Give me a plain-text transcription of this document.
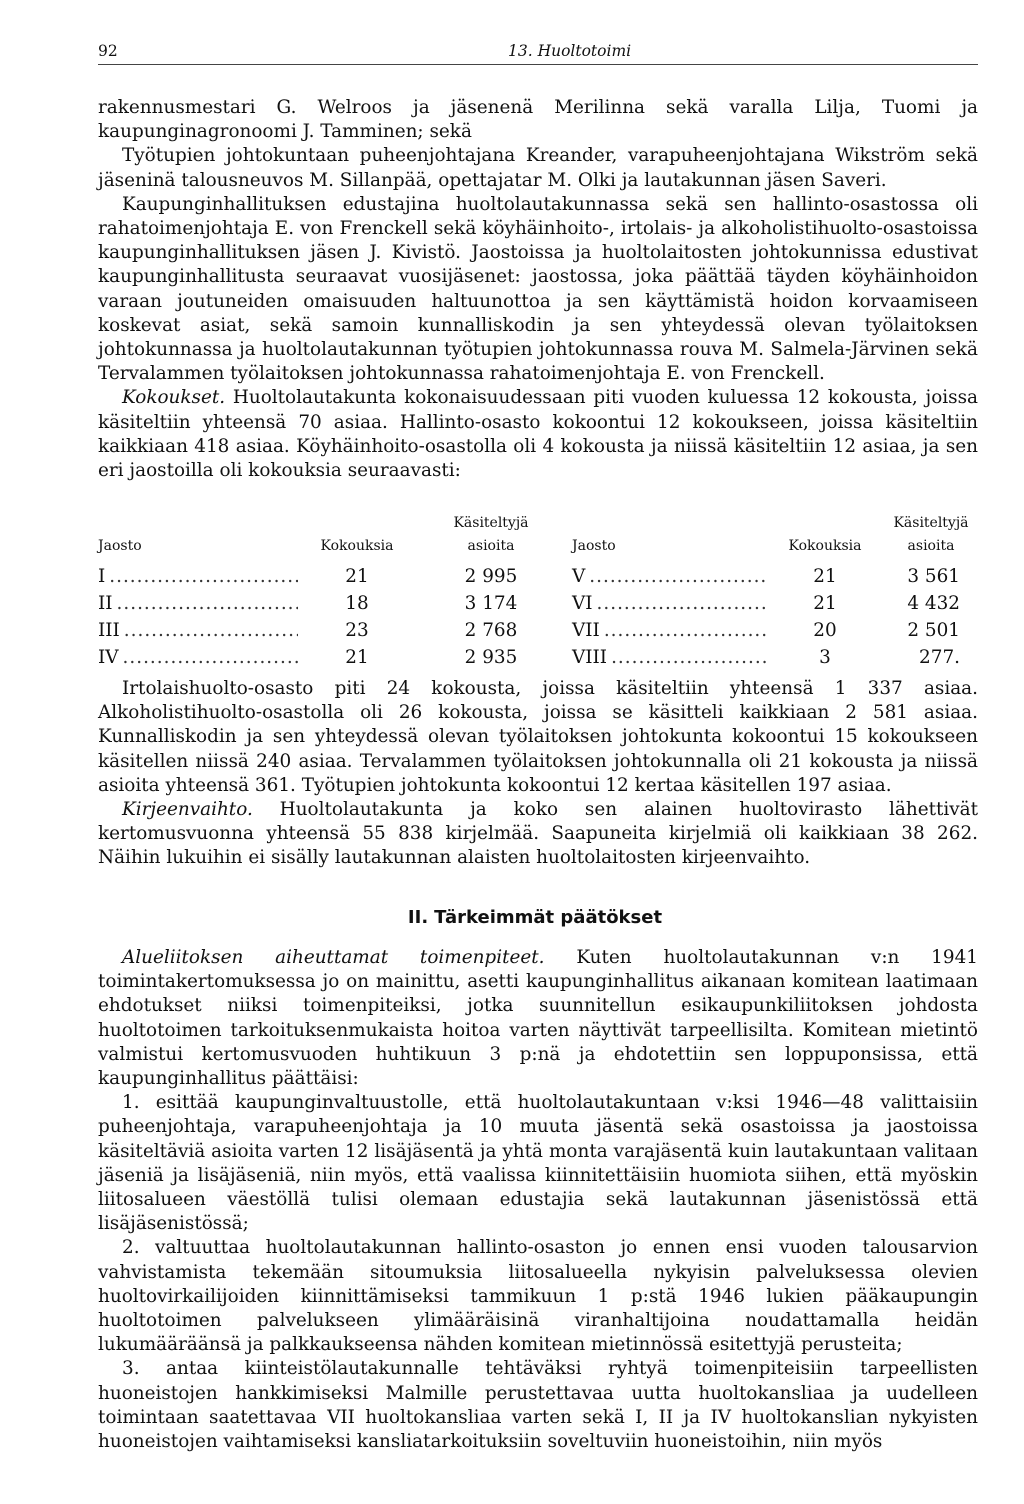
92	13. Huoltotoimi

rakennusmestari G. Welroos ja jäsenenä Merilinna sekä varalla Lilja, Tuomi ja kaupunginagronoomi J. Tamminen; sekä

Työtupien johtokuntaan puheenjohtajana Kreander, varapuheenjohtajana Wikström sekä jäseninä talousneuvos M. Sillanpää, opettajatar M. Olki ja lautakunnan jäsen Saveri.

Kaupunginhallituksen edustajina huoltolautakunnassa sekä sen hallinto-osastossa oli rahatoimenjohtaja E. von Frenckell sekä köyhäinhoito-, irtolais- ja alkoholistihuolto-osastoissa kaupunginhallituksen jäsen J. Kivistö. Jaostoissa ja huoltolaitosten johtokunnissa edustivat kaupunginhallitusta seuraavat vuosijäsenet: jaostossa, joka päättää täyden köyhäinhoidon varaan joutuneiden omaisuuden haltuunottoa ja sen käyttämistä hoidon korvaamiseen koskevat asiat, sekä samoin kunnalliskodin ja sen yhteydessä olevan työlaitoksen johtokunnassa ja huoltolautakunnan työtupien johtokunnassa rouva M. Salmela-Järvinen sekä Tervalammen työlaitoksen johtokunnassa rahatoimenjohtaja E. von Frenckell.

Kokoukset. Huoltolautakunta kokonaisuudessaan piti vuoden kuluessa 12 kokousta, joissa käsiteltiin yhteensä 70 asiaa. Hallinto-osasto kokoontui 12 kokoukseen, joissa käsiteltiin kaikkiaan 418 asiaa. Köyhäinhoito-osastolla oli 4 kokousta ja niissä käsiteltiin 12 asiaa, ja sen eri jaostoilla oli kokouksia seuraavasti:

		Käsiteltyjä			Käsiteltyjä
Jaosto	Kokouksia	asioita	Jaosto	Kokouksia	asioita
I .....	21	2 995	V .....	21	3 561
II .....	18	3 174	VI .....	21	4 432
III .....	23	2 768	VII .....	20	2 501
IV .....	21	2 935	VIII .....	3	277.

Irtolaishuolto-osasto piti 24 kokousta, joissa käsiteltiin yhteensä 1 337 asiaa. Alkoholistihuolto-osastolla oli 26 kokousta, joissa se käsitteli kaikkiaan 2 581 asiaa. Kunnalliskodin ja sen yhteydessä olevan työlaitoksen johtokunta kokoontui 15 kokoukseen käsitellen niissä 240 asiaa. Tervalammen työlaitoksen johtokunnalla oli 21 kokousta ja niissä asioita yhteensä 361. Työtupien johtokunta kokoontui 12 kertaa käsitellen 197 asiaa.

Kirjeenvaihto. Huoltolautakunta ja koko sen alainen huoltovirasto lähettivät kertomusvuonna yhteensä 55 838 kirjelmää. Saapuneita kirjelmiä oli kaikkiaan 38 262. Näihin lukuihin ei sisälly lautakunnan alaisten huoltolaitosten kirjeenvaihto.

II. Tärkeimmät päätökset

Alueliitoksen aiheuttamat toimenpiteet. Kuten huoltolautakunnan v:n 1941 toimintakertomuksessa jo on mainittu, asetti kaupunginhallitus aikanaan komitean laatimaan ehdotukset niiksi toimenpiteiksi, jotka suunnitellun esikaupunkiliitoksen johdosta huoltotoimen tarkoituksenmukaista hoitoa varten näyttivät tarpeellisilta. Komitean mietintö valmistui kertomusvuoden huhtikuun 3 p:nä ja ehdotettiin sen loppuponsissa, että kaupunginhallitus päättäisi:

1. esittää kaupunginvaltuustolle, että huoltolautakuntaan v:ksi 1946—48 valittaisiin puheenjohtaja, varapuheenjohtaja ja 10 muuta jäsentä sekä osastoissa ja jaostoissa käsiteltäviä asioita varten 12 lisäjäsentä ja yhtä monta varajäsentä kuin lautakuntaan valitaan jäseniä ja lisäjäseniä, niin myös, että vaalissa kiinnitettäisiin huomiota siihen, että myöskin liitosalueen väestöllä tulisi olemaan edustajia sekä lautakunnan jäsenistössä että lisäjäsenistössä;

2. valtuuttaa huoltolautakunnan hallinto-osaston jo ennen ensi vuoden talousarvion vahvistamista tekemään sitoumuksia liitosalueella nykyisin palveluksessa olevien huoltovirkailijoiden kiinnittämiseksi tammikuun 1 p:stä 1946 lukien pääkaupungin huoltotoimen palvelukseen ylimääräisinä viranhaltijoina noudattamalla heidän lukumääräänsä ja palkkaukseensa nähden komitean mietinnössä esitettyjä perusteita;

3. antaa kiinteistölautakunnalle tehtäväksi ryhtyä toimenpiteisiin tarpeellisten huoneistojen hankkimiseksi Malmille perustettavaa uutta huoltokansliaa ja uudelleen toimintaan saatettavaa VII huoltokansliaa varten sekä I, II ja IV huoltokanslian nykyisten huoneistojen vaihtamiseksi kansliatarkoituksiin soveltuviin huoneistoihin, niin myös
